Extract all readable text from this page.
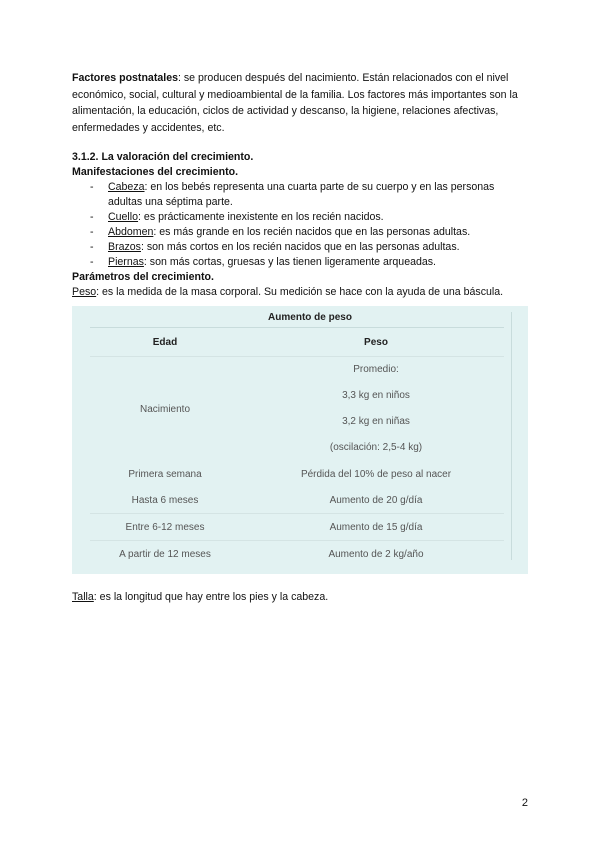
Factores postnatales: se producen después del nacimiento. Están relacionados con el nivel económico, social, cultural y medioambiental de la familia. Los factores más importantes son la alimentación, la educación, ciclos de actividad y descanso, la higiene, relaciones afectivas, enfermedades y accidentes, etc.

3.1.2. La valoración del crecimiento.

Manifestaciones del crecimiento.

- Cabeza: en los bebés representa una cuarta parte de su cuerpo y en las personas adultas una séptima parte.
- Cuello: es prácticamente inexistente en los recién nacidos.
- Abdomen: es más grande en los recién nacidos que en las personas adultas.
- Brazos: son más cortos en los recién nacidos que en las personas adultas.
- Piernas: son más cortas, gruesas y las tienen ligeramente arqueadas.

Parámetros del crecimiento.

Peso: es la medida de la masa corporal. Su medición se hace con la ayuda de una báscula.

Aumento de peso
Edad		Peso
Nacimiento		Promedio:
3,3 kg en niños
3,2 kg en niñas
(oscilación: 2,5-4 kg)

Primera semana		Pérdida del 10% de peso al nacer
Hasta 6 meses		Aumento de 20 g/día
Entre 6-12 meses		Aumento de 15 g/día
A partir de 12 meses		Aumento de 2 kg/año

Talla: es la longitud que hay entre los pies y la cabeza.

2
